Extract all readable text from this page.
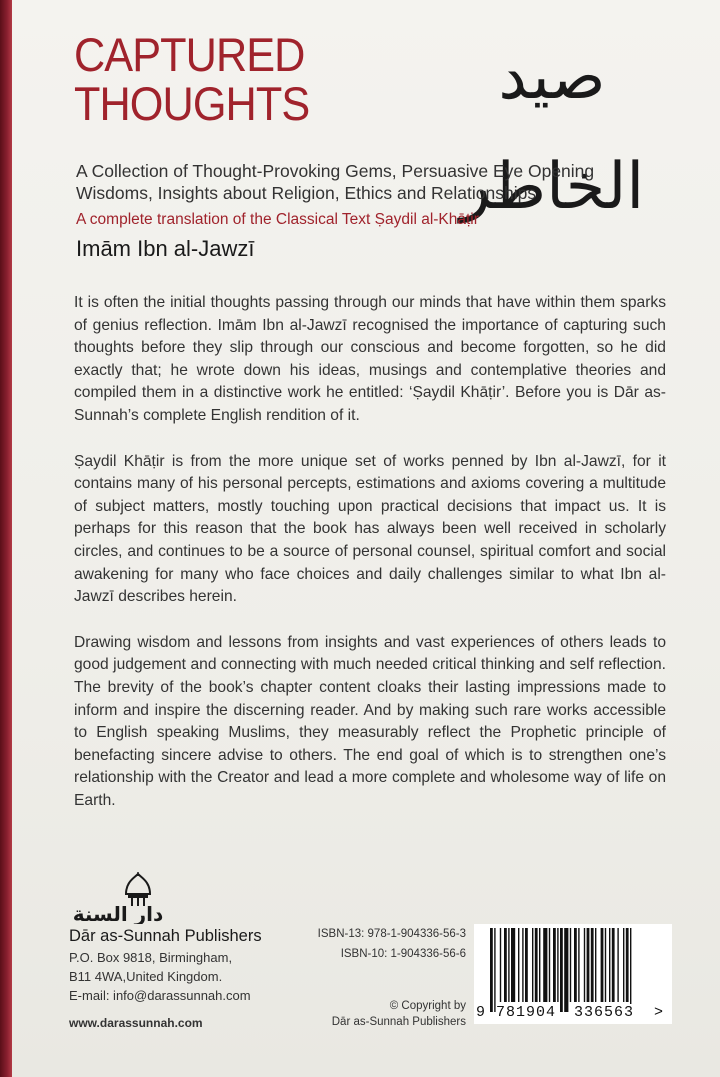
CAPTURED
THOUGHTS	صيد الخاطر

A Collection of Thought-Provoking Gems, Persuasive Eye Opening
Wisdoms, Insights about Religion, Ethics and Relationships

A complete translation of the Classical Text Ṣaydil al-Khāṭir

Imām Ibn al-Jawzī

It is often the initial thoughts passing through our minds that have within them sparks of genius reflection. Imām Ibn al-Jawzī recognised the importance of capturing such thoughts before they slip through our conscious and become forgotten, so he did exactly that; he wrote down his ideas, musings and contemplative theories and compiled them in a distinctive work he entitled: ‘Ṣaydil Khāṭir’. Before you is Dār as-Sunnah’s complete English rendition of it.

Ṣaydil Khāṭir is from the more unique set of works penned by Ibn al-Jawzī, for it contains many of his personal percepts, estimations and axioms covering a multitude of subject matters, mostly touching upon practical decisions that impact us. It is perhaps for this reason that the book has always been well received in scholarly circles, and continues to be a source of personal counsel, spiritual comfort and social awakening for many who face choices and daily challenges similar to what Ibn al-Jawzī describes herein.

Drawing wisdom and lessons from insights and vast experiences of others leads to good judgement and connecting with much needed critical thinking and self reflection. The brevity of the book’s chapter content cloaks their lasting impressions made to inform and inspire the discerning reader. And by making such rare works accessible to English speaking Muslims, they measurably reflect the Prophetic principle of benefacting sincere advise to others. The end goal of which is to strengthen one’s relationship with the Creator and lead a more complete and wholesome way of life on Earth.

دار السنة

Dār as-Sunnah Publishers

P.O. Box 9818, Birmingham,
B11 4WA,United Kingdom.
E-mail: info@darassunnah.com
www.darassunnah.com
ISBN-13: 978-1-904336-56-3
ISBN-10: 1-904336-56-6
© Copyright by
Dār as-Sunnah Publishers
9 781904 336563 >
